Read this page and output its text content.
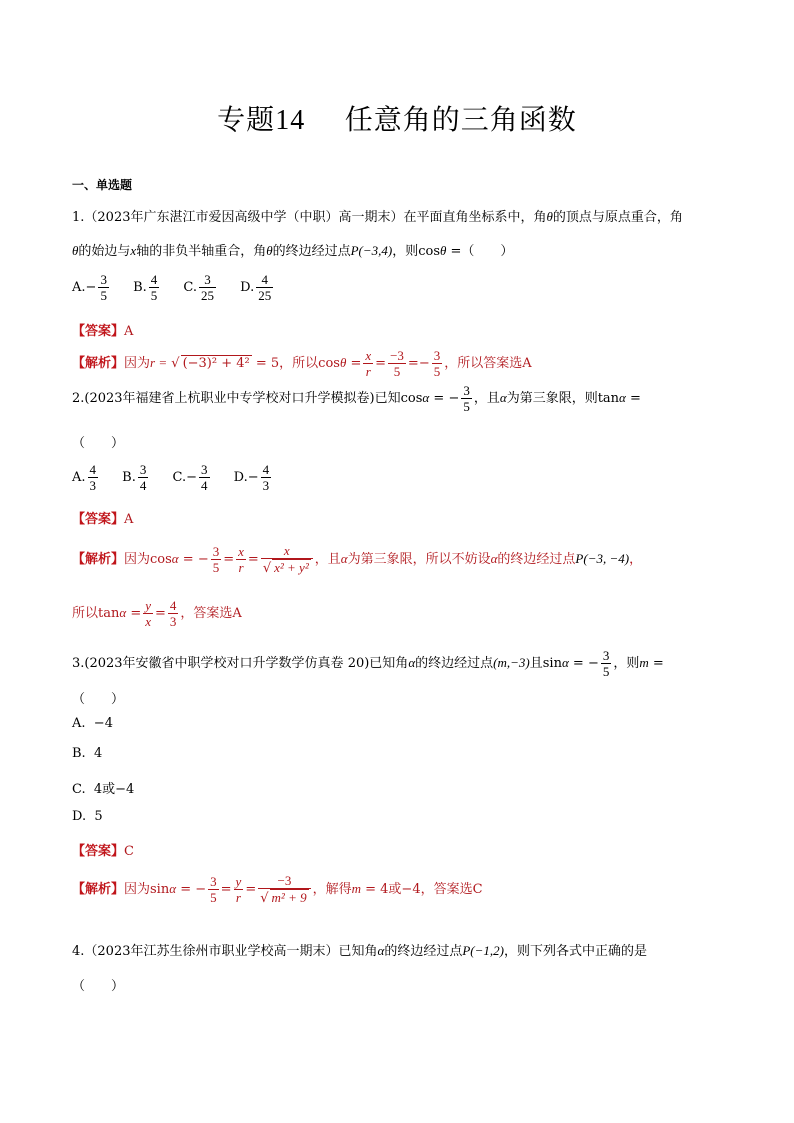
专题14 任意角的三角函数
一、单选题
1.（2023年广东湛江市爱因高级中学（中职）高一期末）在平面直角坐标系中，角θ的顶点与原点重合，角
θ的始边与x轴的非负半轴重合，角θ的终边经过点P(−3,4)，则cosθ =（　　）
$A.- \frac{3}{5} B$. $\frac{4}{5} C$. $\frac{3}{25} D$. $\frac{4}{25}$
【答案】A
【解析】因为r = √ (−3)² + 4² = 5，所以$\cos\theta = \frac{x}{r} = \frac{-3}{5} =- \frac{3}{5}$ ，所以答案选A
2.(2023年福建省上杭职业中专学校对口升学模拟卷)已知cosα = − $\frac{3}{5}$ ，且α为第三象限，则tanα =
（　　）
A. $\frac{4}{3} B$. $\frac{3}{4} C.- \frac{3}{4} D.- \frac{4}{3}$
【答案】A
【解析】因为cosα = − $\frac{3}{5} = \frac{x}{r} = \frac{x}{\text{√ x² + y²}}$ ，且α为第三象限，所以不妨设α的终边经过点P(−3, −4)，
所以$\tan\alpha = \frac{y}{x} = \frac{4}{3}$ ，答案选A
3.(2023年安徽省中职学校对口升学数学仿真卷 20)已知角α的终边经过点(m,−3)且sinα = − $\frac{3}{5}$ ，则m =
（　　）
A. −4
B. 4
C. 4或−4
D. 5
【答案】C
【解析】因为sinα = − $\frac{3}{5} = \frac{y}{r} = \frac{-3}{\text{√ m² + 9}}$ ，解得m = 4或−4，答案选C
4.（2023年江苏生徐州市职业学校高一期末）已知角α的终边经过点P(−1,2)，则下列各式中正确的是
（　　）
